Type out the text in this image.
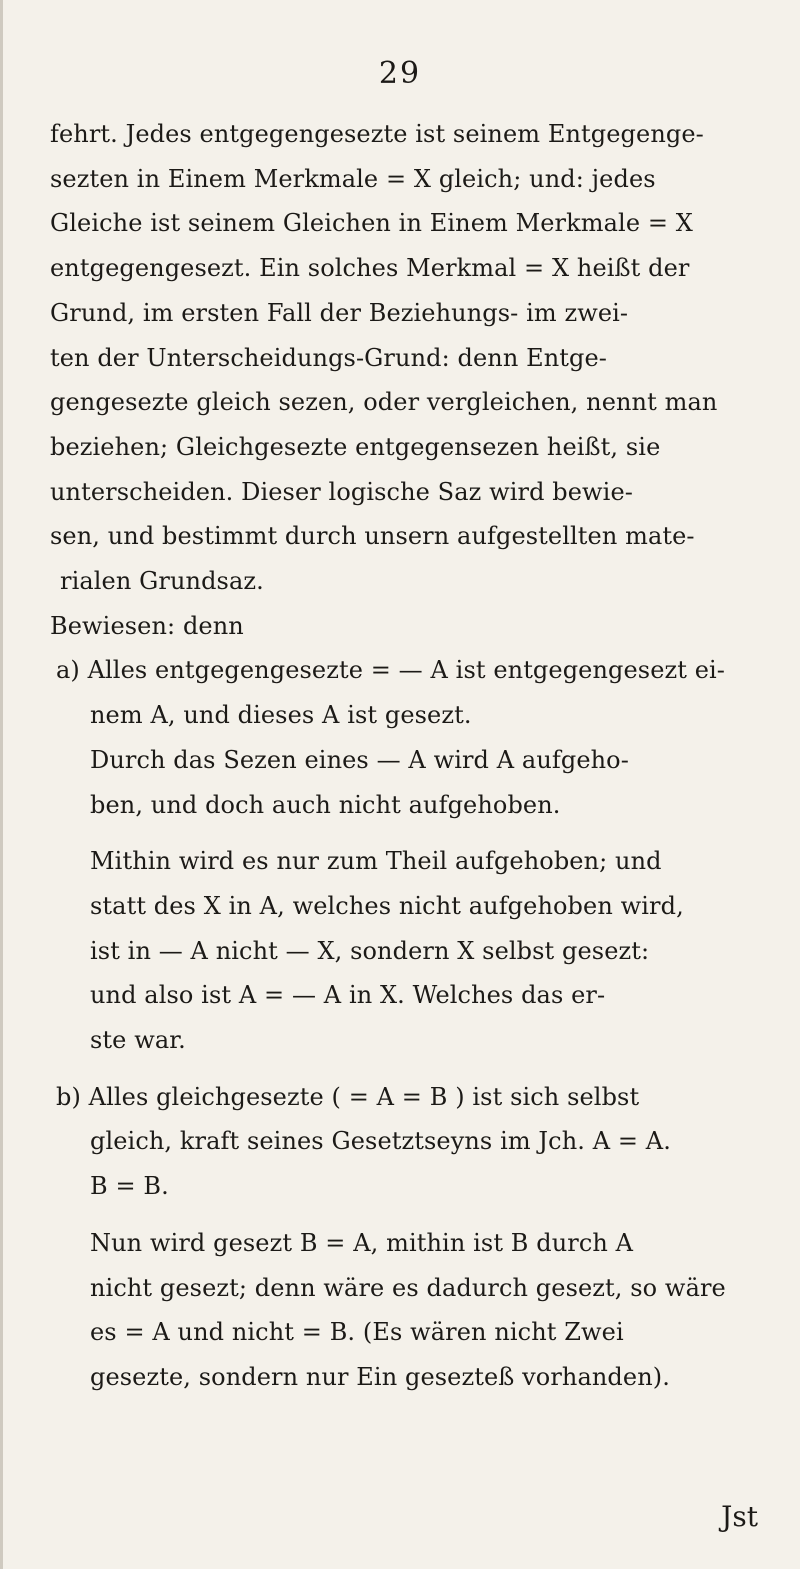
29

fehrt. Jedes entgegengesezte ist seinem Entgegenge-

sezten in Einem Merkmale = X gleich; und: jedes

Gleiche ist seinem Gleichen in Einem Merkmale = X

entgegengesezt. Ein solches Merkmal = X heißt der

Grund, im ersten Fall der Beziehungs- im zwei-

ten der Unterscheidungs-Grund: denn Entge-

gengesezte gleich sezen, oder vergleichen, nennt man

beziehen; Gleichgesezte entgegensezen heißt, sie

unterscheiden. Dieser logische Saz wird bewie-

sen, und bestimmt durch unsern aufgestellten mate-

rialen Grundsaz.

Bewiesen: denn

a) Alles entgegengesezte = — A ist entgegengesezt ei-

nem A, und dieses A ist gesezt.

Durch das Sezen eines — A wird A aufgeho-

ben, und doch auch nicht aufgehoben.

Mithin wird es nur zum Theil aufgehoben; und

statt des X in A, welches nicht aufgehoben wird,

ist in — A nicht — X, sondern X selbst gesezt:

und also ist A = — A in X. Welches das er-

ste war.

b) Alles gleichgesezte ( = A = B ) ist sich selbst

gleich, kraft seines Gesetztseyns im Jch. A = A.

B = B.

Nun wird gesezt B = A, mithin ist B durch A

nicht gesezt; denn wäre es dadurch gesezt, so wäre

es = A und nicht = B. (Es wären nicht Zwei

gesezte, sondern nur Ein gesezteß vorhanden).

Jst
